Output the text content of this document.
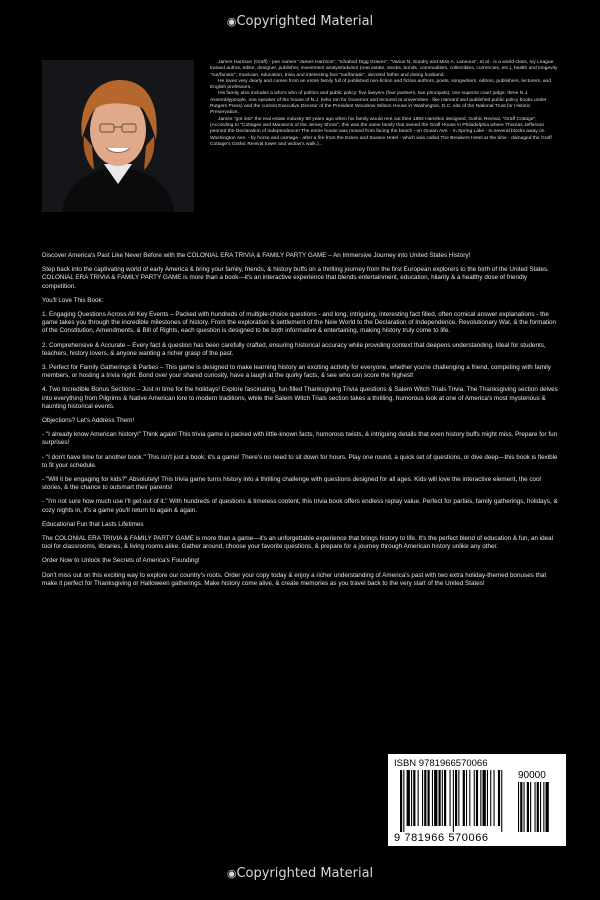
◉ Copyrighted Material

James Harrison (Graff) - pen names "James Harrison", "Ichabod Digg Graves", "Varius N. Sundry and Miss A. Laneous", et al - is a world-class, Ivy League trained author, editor, designer, publisher, investment analyst/advisor (real estate, stocks, bonds, commodities, collectibles, currencies, etc.), health and longevity "nut/fanatic", musician, education, trivia and interesting fact "nut/fanatic", devoted father and doting husband.

He loves very dearly and comes from an entire family full of published non-fiction and fiction authors, poets, songwriters, editors, publishers, lecturers, and English professors.

His family also includes a who's who of politics and public policy: five lawyers (four partners, two principals), one superior court judge, three N.J. Assemblypeople, one speaker of the house of N.J. (who ran for Governor and lectured at universities - like Harvard and published public policy books under Rutgers Press) and the current Executive Director of the President Woodrow Wilson House in Washington, D.C. site of the National Trust for Historic Preservation.

James "got into" the real estate industry 50 years ago when his family would rent out their 1884 Hamilton designed, Gothic Revival, "Graff Cottage", (According to "Cottages and Mansions of the Jersey Shore", this was the same family that owned the Graff House in Philadelphia where Thomas Jefferson penned the Declaration of Independence! The entire house was moved from facing the beach - on Ocean Ave. - in Spring Lake - to several blocks away on Washington Ave. - by horse and carriage - after a fire from the Essex and Sussex Hotel - which was called The Breakers Hotel at the time - damaged the Graff Cottage's Gothic Revival tower and widow's walk.)...

Discover America's Past Like Never Before with the COLONIAL ERA TRIVIA & FAMILY PARTY GAME – An Immersive Journey into United States History!

Step back into the captivating world of early America & bring your family, friends, & history buffs on a thrilling journey from the first European explorers to the birth of the United States. COLONIAL ERA TRIVIA & FAMILY PARTY GAME is more than a book—it's an interactive experience that blends entertainment, education, hilarity & a healthy dose of friendly competition.

You'll Love This Book:

1. Engaging Questions Across All Key Events – Packed with hundreds of multiple-choice questions - and long, intriguing, interesting fact filled, often comical answer explanations - the game takes you through the incredible milestones of history. From the exploration & settlement of the New World to the Declaration of Independence, Revolutionary War, & the formation of the Constitution, Amendments, & Bill of Rights, each question is designed to be both informative & entertaining, making history truly come to life.

2. Comprehensive & Accurate – Every fact & question has been carefully crafted, ensuring historical accuracy while providing context that deepens understanding. Ideal for students, teachers, history lovers, & anyone wanting a richer grasp of the past.

3. Perfect for Family Gatherings & Parties – This game is designed to make learning history an exciting activity for everyone, whether you're challenging a friend, competing with family members, or hosting a trivia night. Bond over your shared curiosity, have a laugh at the quirky facts, & see who can score the highest!

4. Two Incredible Bonus Sections – Just in time for the holidays! Explore fascinating, fun-filled Thanksgiving Trivia questions & Salem Witch Trials Trivia. The Thanksgiving section delves into everything from Pilgrims & Native American lore to modern traditions, while the Salem Witch Trials section takes a thrilling, humorous look at one of America's most mysterious & haunting historical events.

Objections? Let's Address Them!

- "I already know American history!" Think again! This trivia game is packed with little-known facts, humorous twists, & intriguing details that even history buffs might miss. Prepare for fun surprises!

- "I don't have time for another book." This isn't just a book; it's a game! There's no need to sit down for hours. Play one round, a quick set of questions, or dive deep—this book is flexible to fit your schedule.

- "Will it be engaging for kids?" Absolutely! This trivia game turns history into a thrilling challenge with questions designed for all ages. Kids will love the interactive element, the cool stories, & the chance to outsmart their parents!

- "I'm not sure how much use I'll get out of it." With hundreds of questions & timeless content, this trivia book offers endless replay value. Perfect for parties, family gatherings, holidays, & cozy nights in, it's a game you'll return to again & again.

Educational Fun that Lasts Lifetimes

The COLONIAL ERA TRIVIA & FAMILY PARTY GAME is more than a game—it's an unforgettable experience that brings history to life. It's the perfect blend of education & fun, an ideal tool for classrooms, libraries, & living rooms alike. Gather around, choose your favorite questions, & prepare for a journey through American history unlike any other.

Order Now to Unlock the Secrets of America's Founding!

Don't miss out on this exciting way to explore our country's roots. Order your copy today & enjoy a richer understanding of America's past with two extra holiday-themed bonuses that make it perfect for Thanksgiving or Halloween gatherings. Make history come alive, & create memories as you travel back to the very start of the United States!

ISBN 9781966570066
90000
9 781966 570066
◉ Copyrighted Material
